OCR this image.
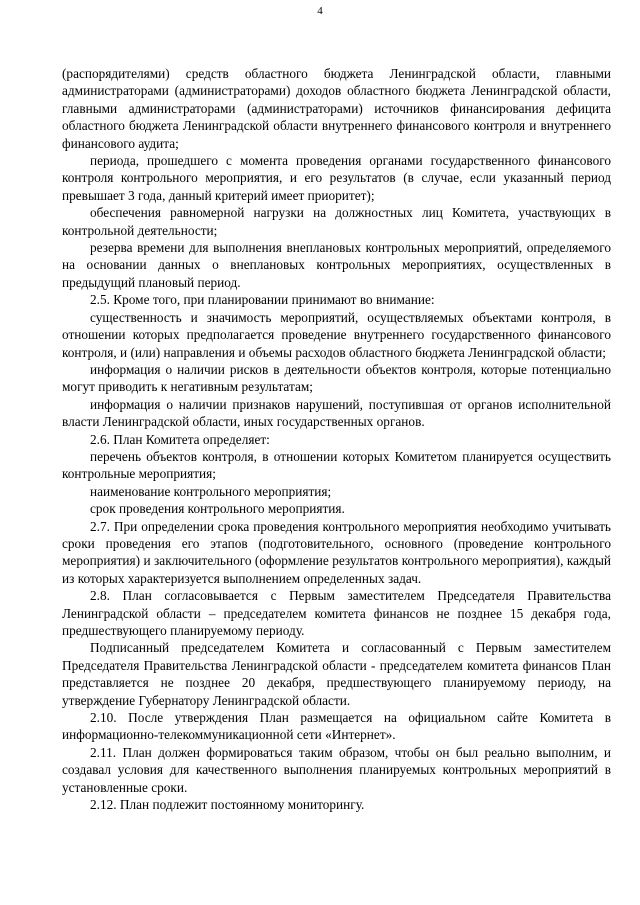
4

(распорядителями) средств областного бюджета Ленинградской области, главными администраторами (администраторами) доходов областного бюджета Ленинградской области, главными администраторами (администраторами) источников финансирования дефицита областного бюджета Ленинградской области внутреннего финансового контроля и внутреннего финансового аудита;

периода, прошедшего с момента проведения органами государственного финансового контроля контрольного мероприятия, и его результатов (в случае, если указанный период превышает 3 года, данный критерий имеет приоритет);

обеспечения равномерной нагрузки на должностных лиц Комитета, участвующих в контрольной деятельности;

резерва времени для выполнения внеплановых контрольных мероприятий, определяемого на основании данных о внеплановых контрольных мероприятиях, осуществленных в предыдущий плановый период.

2.5. Кроме того, при планировании принимают во внимание:

существенность и значимость мероприятий, осуществляемых объектами контроля, в отношении которых предполагается проведение внутреннего государственного финансового контроля, и (или) направления и объемы расходов областного бюджета Ленинградской области;

информация о наличии рисков в деятельности объектов контроля, которые потенциально могут приводить к негативным результатам;

информация о наличии признаков нарушений, поступившая от органов исполнительной власти Ленинградской области, иных государственных органов.

2.6. План Комитета определяет:

перечень объектов контроля, в отношении которых Комитетом планируется осуществить контрольные мероприятия;

наименование контрольного мероприятия;

срок проведения контрольного мероприятия.

2.7. При определении срока проведения контрольного мероприятия необходимо учитывать сроки проведения его этапов (подготовительного, основного (проведение контрольного мероприятия) и заключительного (оформление результатов контрольного мероприятия), каждый из которых характеризуется выполнением определенных задач.

2.8. План согласовывается с Первым заместителем Председателя Правительства Ленинградской области – председателем комитета финансов не позднее 15 декабря года, предшествующего планируемому периоду.

Подписанный председателем Комитета и согласованный с Первым заместителем Председателя Правительства Ленинградской области - председателем комитета финансов План представляется не позднее 20 декабря, предшествующего планируемому периоду, на утверждение Губернатору Ленинградской области.

2.10. После утверждения План размещается на официальном сайте Комитета в информационно-телекоммуникационной сети «Интернет».

2.11. План должен формироваться таким образом, чтобы он был реально выполним, и создавал условия для качественного выполнения планируемых контрольных мероприятий в установленные сроки.

2.12. План подлежит постоянному мониторингу.
